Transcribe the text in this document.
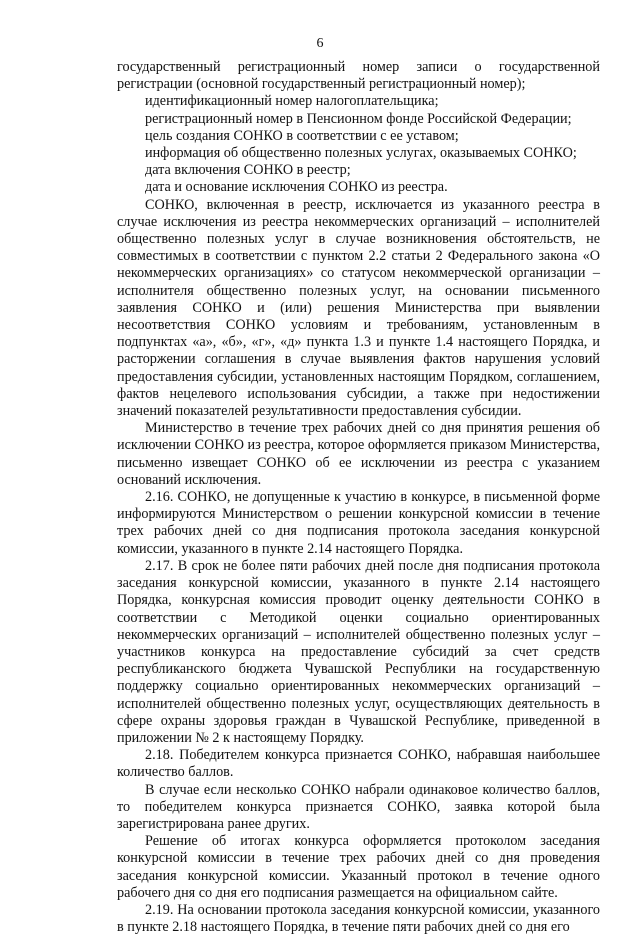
6

государственный регистрационный номер записи о государственной регистрации (основной государственный регистрационный номер);

идентификационный номер налогоплательщика;

регистрационный номер в Пенсионном фонде Российской Федерации;

цель создания СОНКО в соответствии с ее уставом;

информация об общественно полезных услугах, оказываемых СОНКО;

дата включения СОНКО в реестр;

дата и основание исключения СОНКО из реестра.

СОНКО, включенная в реестр, исключается из указанного реестра в случае исключения из реестра некоммерческих организаций – исполнителей общественно полезных услуг в случае возникновения обстоятельств, не совместимых в соответствии с пунктом 2.2 статьи 2 Федерального закона «О некоммерческих организациях» со статусом некоммерческой организации – исполнителя общественно полезных услуг, на основании письменного заявления СОНКО и (или) решения Министерства при выявлении несоответствия СОНКО условиям и требованиям, установленным в подпунктах «а», «б», «г», «д» пункта 1.3 и пункте 1.4 настоящего Порядка, и расторжении соглашения в случае выявления фактов нарушения условий предоставления субсидии, установленных настоящим Порядком, соглашением, фактов нецелевого использования субсидии, а также при недостижении значений показателей результативности предоставления субсидии.

Министерство в течение трех рабочих дней со дня принятия решения об исключении СОНКО из реестра, которое оформляется приказом Министерства, письменно извещает СОНКО об ее исключении из реестра с указанием оснований исключения.

2.16. СОНКО, не допущенные к участию в конкурсе, в письменной форме информируются Министерством о решении конкурсной комиссии в течение трех рабочих дней со дня подписания протокола заседания конкурсной комиссии, указанного в пункте 2.14 настоящего Порядка.

2.17. В срок не более пяти рабочих дней после дня подписания протокола заседания конкурсной комиссии, указанного в пункте 2.14 настоящего Порядка, конкурсная комиссия проводит оценку деятельности СОНКО в соответствии с Методикой оценки социально ориентированных некоммерческих организаций – исполнителей общественно полезных услуг – участников конкурса на предоставление субсидий за счет средств республиканского бюджета Чувашской Республики на государственную поддержку социально ориентированных некоммерческих организаций – исполнителей общественно полезных услуг, осуществляющих деятельность в сфере охраны здоровья граждан в Чувашской Республике, приведенной в приложении № 2 к настоящему Порядку.

2.18. Победителем конкурса признается СОНКО, набравшая наибольшее количество баллов.

В случае если несколько СОНКО набрали одинаковое количество баллов, то победителем конкурса признается СОНКО, заявка которой была зарегистрирована ранее других.

Решение об итогах конкурса оформляется протоколом заседания конкурсной комиссии в течение трех рабочих дней со дня проведения заседания конкурсной комиссии. Указанный протокол в течение одного рабочего дня со дня его подписания размещается на официальном сайте.

2.19. На основании протокола заседания конкурсной комиссии, указанного в пункте 2.18 настоящего Порядка, в течение пяти рабочих дней со дня его
